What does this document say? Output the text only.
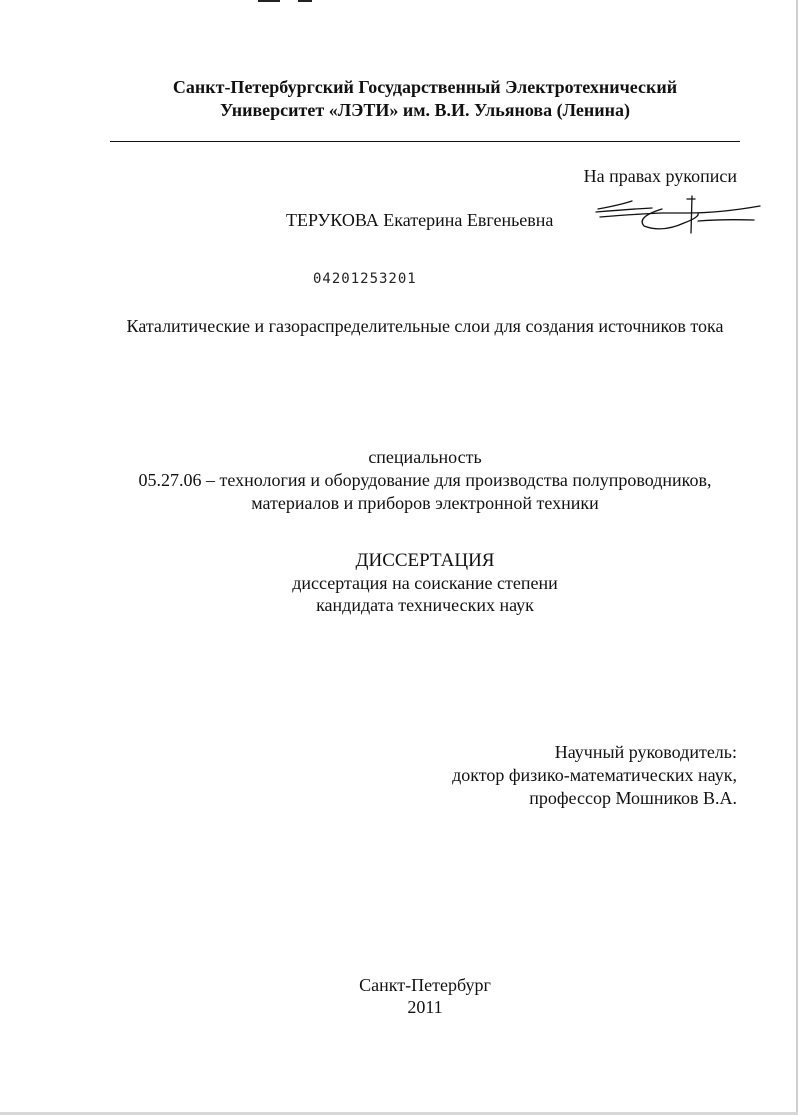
Санкт-Петербургский Государственный Электротехнический
Университет «ЛЭТИ» им. В.И. Ульянова (Ленина)
На правах рукописи
ТЕРУКОВА Екатерина Евгеньевна
04201253201
Каталитические и газораспределительные слои для создания источников тока
специальность
05.27.06 – технология и оборудование для производства полупроводников,
материалов и приборов электронной техники
ДИССЕРТАЦИЯ
диссертация на соискание степени
кандидата технических наук
Научный руководитель:
доктор физико-математических наук,
профессор Мошников В.А.
Санкт-Петербург
2011
